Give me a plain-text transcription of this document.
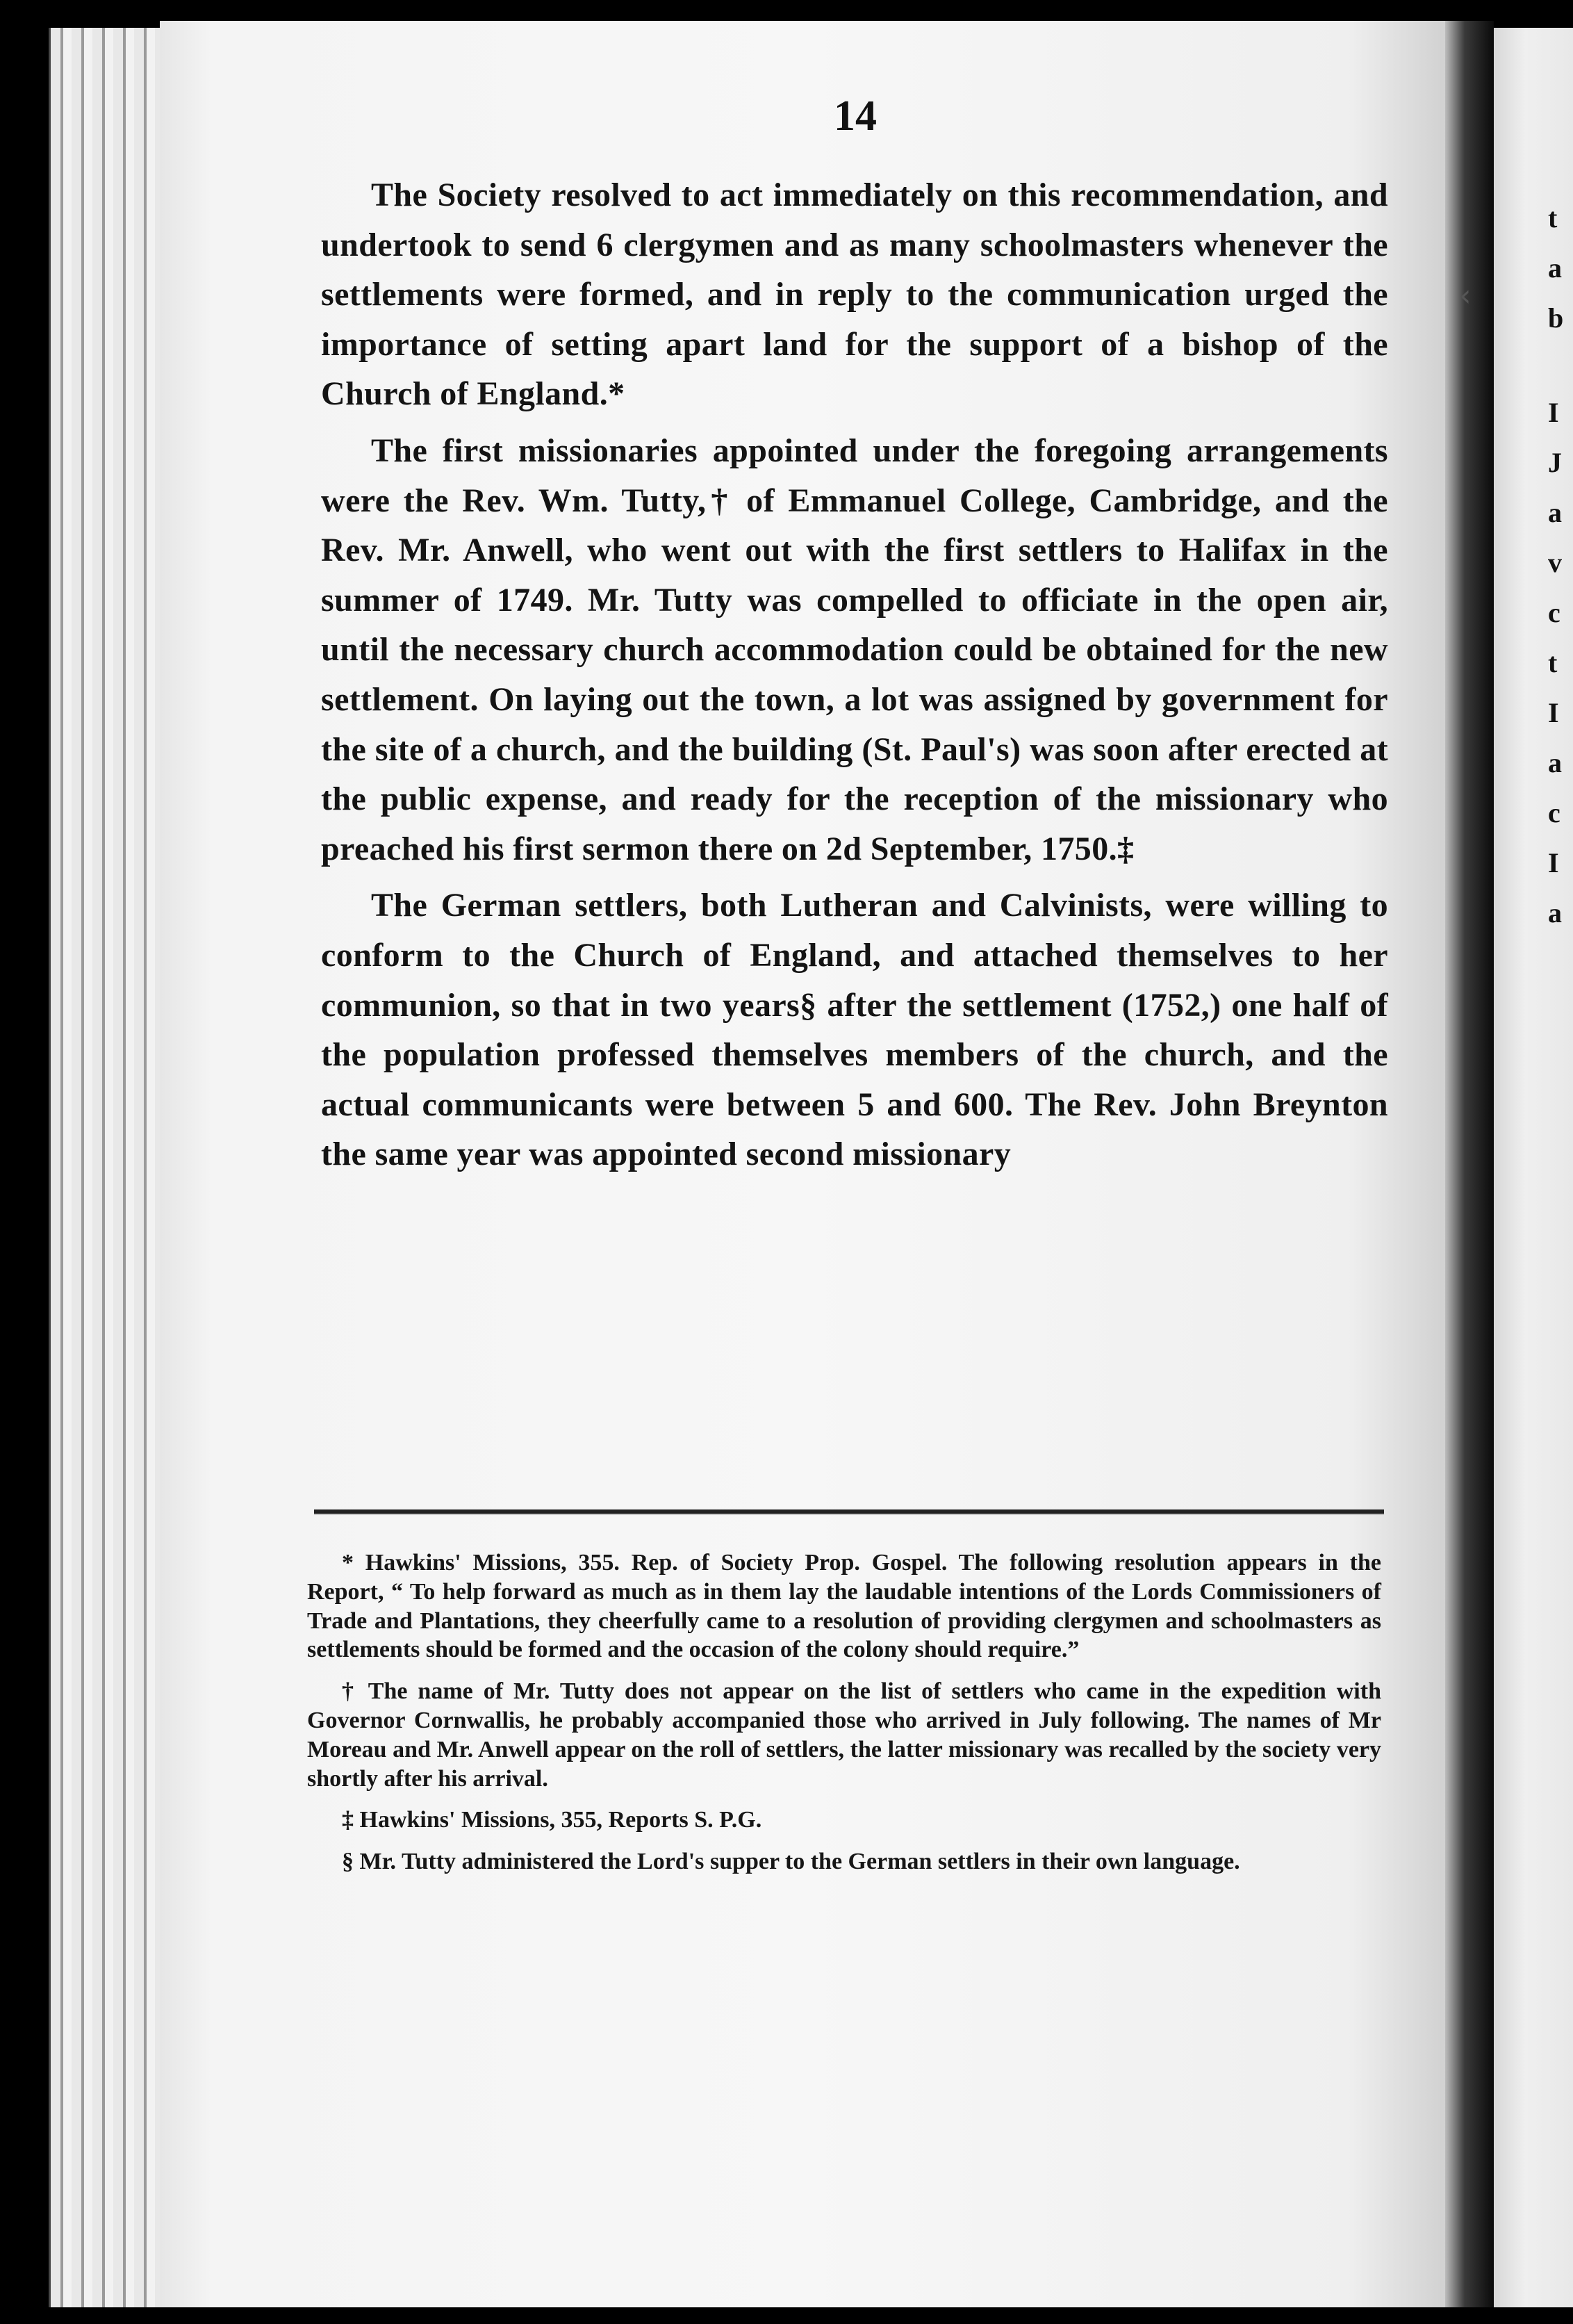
t
a
b
I
J
a
v
c
t
I
a
c
I
a
‹
14

The Society resolved to act immediately on this recommendation, and undertook to send 6 clergymen and as many schoolmasters whenever the settlements were formed, and in reply to the communication urged the importance of setting apart land for the support of a bishop of the Church of England.*

The first missionaries appointed under the foregoing arrangements were the Rev. Wm. Tutty,† of Emmanuel College, Cambridge, and the Rev. Mr. Anwell, who went out with the first settlers to Halifax in the summer of 1749. Mr. Tutty was compelled to officiate in the open air, until the necessary church accommodation could be obtained for the new settlement. On laying out the town, a lot was assigned by government for the site of a church, and the building (St. Paul's) was soon after erected at the public expense, and ready for the reception of the missionary who preached his first sermon there on 2d September, 1750.‡

The German settlers, both Lutheran and Calvinists, were willing to conform to the Church of England, and attached themselves to her communion, so that in two years§ after the settlement (1752,) one half of the population professed themselves members of the church, and the actual communicants were between 5 and 600. The Rev. John Breynton the same year was appointed second missionary

* Hawkins' Missions, 355. Rep. of Society Prop. Gospel. The following resolution appears in the Report, “ To help forward as much as in them lay the laudable intentions of the Lords Commissioners of Trade and Plantations, they cheerfully came to a resolution of providing clergymen and schoolmasters as settlements should be formed and the occasion of the colony should require.”

† The name of Mr. Tutty does not appear on the list of settlers who came in the expedition with Governor Cornwallis, he probably accompanied those who arrived in July following. The names of Mr Moreau and Mr. Anwell appear on the roll of settlers, the latter missionary was recalled by the society very shortly after his arrival.

‡ Hawkins' Missions, 355, Reports S. P.G.

§ Mr. Tutty administered the Lord's supper to the German settlers in their own language.
